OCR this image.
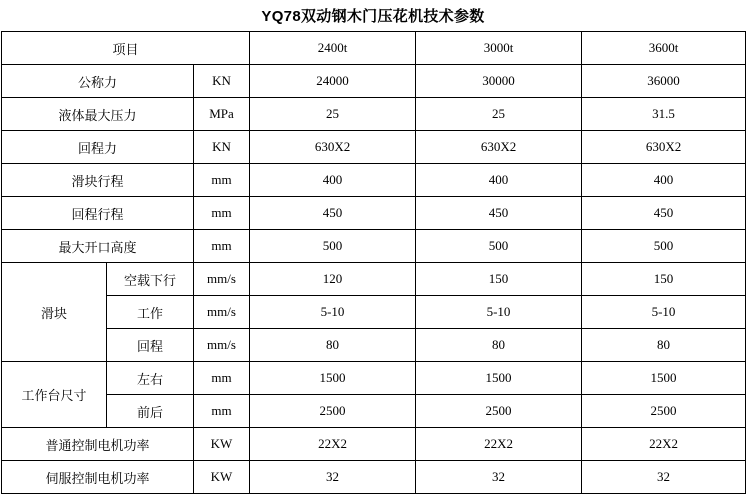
YQ78双动钢木门压花机技术参数
项目			2400t	3000t	3600t
公称力		KN	24000	30000	36000
液体最大压力		MPa	25	25	31.5
回程力		KN	630X2	630X2	630X2
滑块行程		mm	400	400	400
回程行程		mm	450	450	450
最大开口高度		mm	500	500	500
滑块	空载下行	mm/s	120	150	150
	工作	mm/s	5-10	5-10	5-10
	回程	mm/s	80	80	80
工作台尺寸	左右	mm	1500	1500	1500
	前后	mm	2500	2500	2500
普通控制电机功率		KW	22X2	22X2	22X2
伺服控制电机功率		KW	32	32	32
